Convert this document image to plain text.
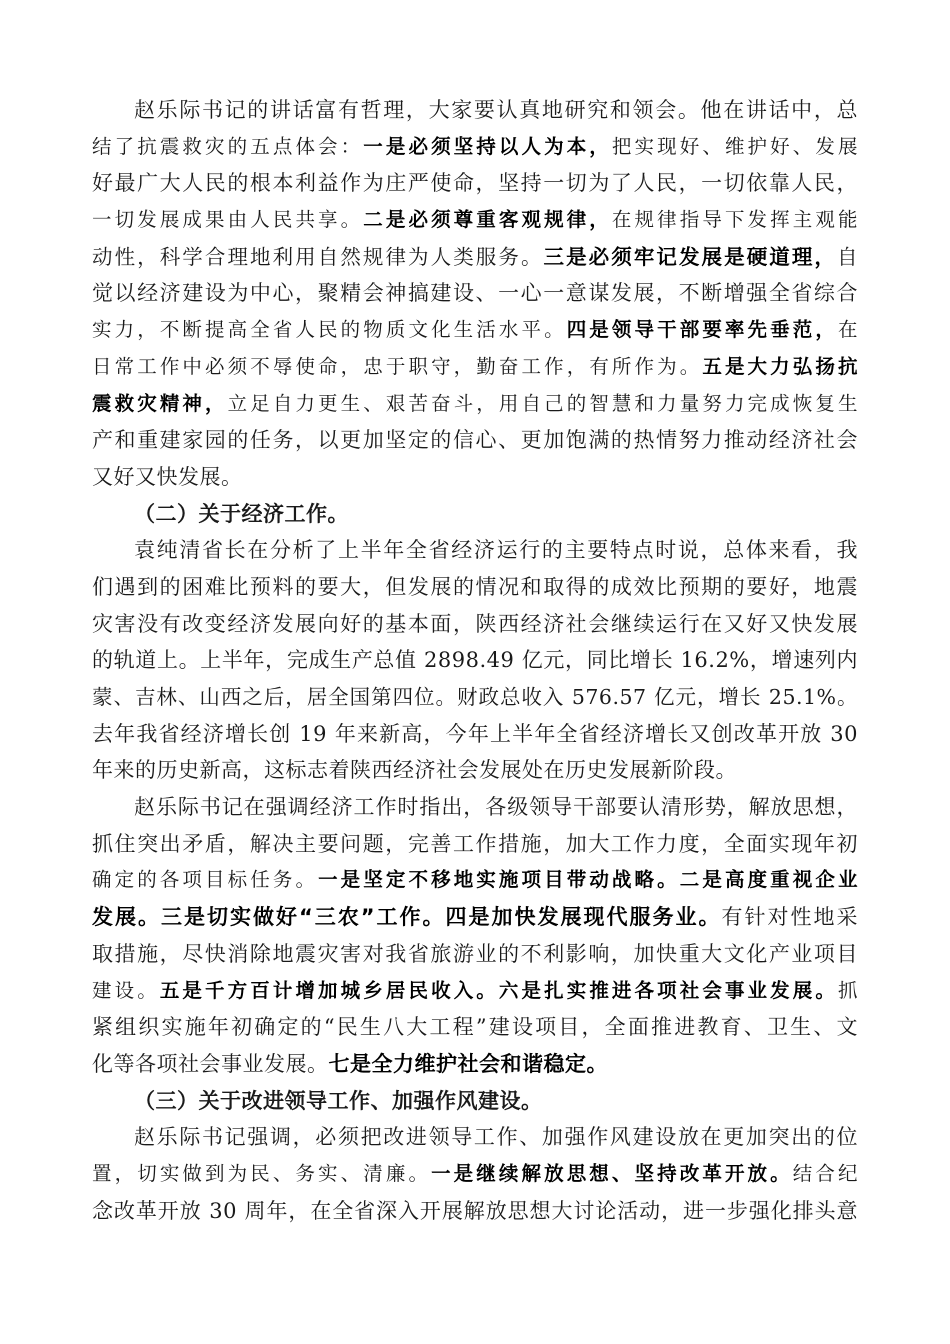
赵乐际书记的讲话富有哲理，大家要认真地研究和领会。他在讲话中，总
结了抗震救灾的五点体会：一是必须坚持以人为本，把实现好、维护好、发展
好最广大人民的根本利益作为庄严使命，坚持一切为了人民，一切依靠人民，
一切发展成果由人民共享。二是必须尊重客观规律，在规律指导下发挥主观能
动性，科学合理地利用自然规律为人类服务。三是必须牢记发展是硬道理，自
觉以经济建设为中心，聚精会神搞建设、一心一意谋发展，不断增强全省综合
实力，不断提高全省人民的物质文化生活水平。四是领导干部要率先垂范，在
日常工作中必须不辱使命，忠于职守，勤奋工作，有所作为。五是大力弘扬抗
震救灾精神，立足自力更生、艰苦奋斗，用自己的智慧和力量努力完成恢复生
产和重建家园的任务，以更加坚定的信心、更加饱满的热情努力推动经济社会
又好又快发展。
（二）关于经济工作。
袁纯清省长在分析了上半年全省经济运行的主要特点时说，总体来看，我
们遇到的困难比预料的要大，但发展的情况和取得的成效比预期的要好，地震
灾害没有改变经济发展向好的基本面，陕西经济社会继续运行在又好又快发展
的轨道上。上半年，完成生产总值 2898.49 亿元，同比增长 16.2%，增速列内
蒙、吉林、山西之后，居全国第四位。财政总收入 576.57 亿元，增长 25.1%。
去年我省经济增长创 19 年来新高，今年上半年全省经济增长又创改革开放 30
年来的历史新高，这标志着陕西经济社会发展处在历史发展新阶段。
赵乐际书记在强调经济工作时指出，各级领导干部要认清形势，解放思想，
抓住突出矛盾，解决主要问题，完善工作措施，加大工作力度，全面实现年初
确定的各项目标任务。一是坚定不移地实施项目带动战略。二是高度重视企业
发展。三是切实做好“三农”工作。四是加快发展现代服务业。有针对性地采
取措施，尽快消除地震灾害对我省旅游业的不利影响，加快重大文化产业项目
建设。五是千方百计增加城乡居民收入。六是扎实推进各项社会事业发展。抓
紧组织实施年初确定的“民生八大工程”建设项目，全面推进教育、卫生、文
化等各项社会事业发展。七是全力维护社会和谐稳定。
（三）关于改进领导工作、加强作风建设。
赵乐际书记强调，必须把改进领导工作、加强作风建设放在更加突出的位
置，切实做到为民、务实、清廉。一是继续解放思想、坚持改革开放。结合纪
念改革开放 30 周年，在全省深入开展解放思想大讨论活动，进一步强化排头意
